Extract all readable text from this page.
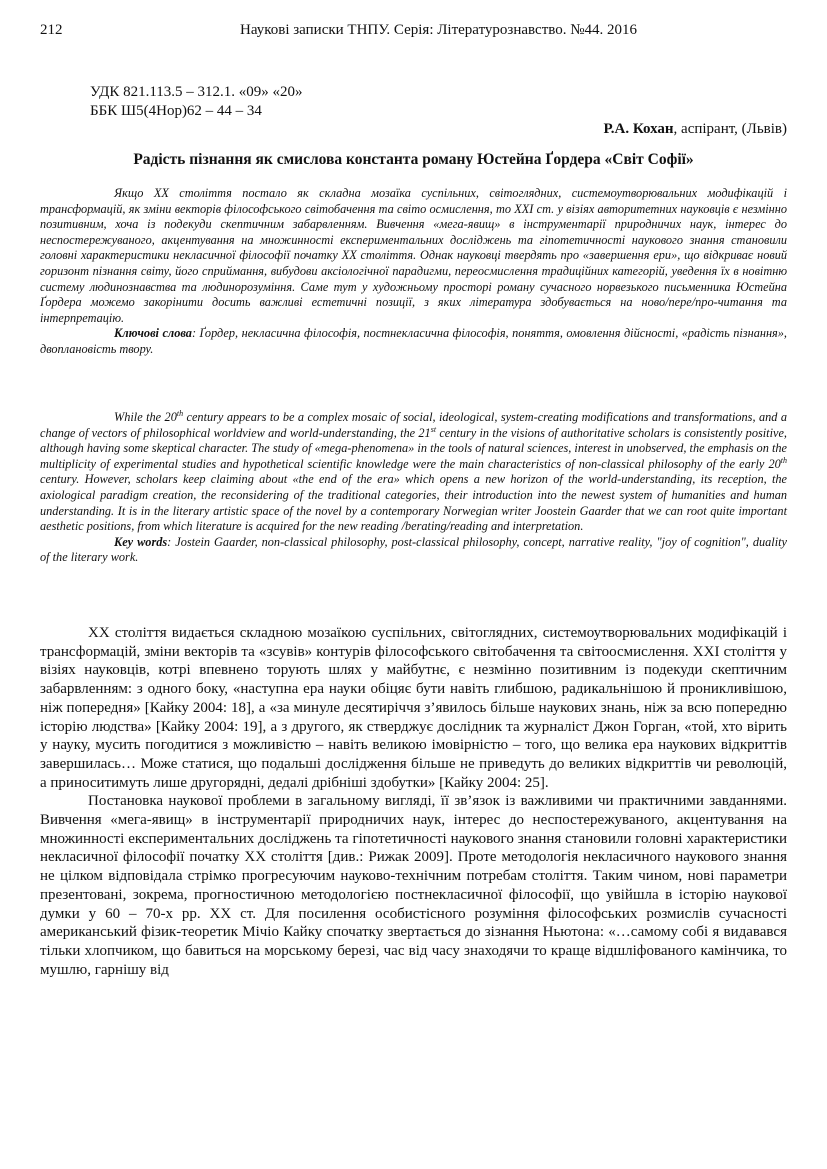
212	Наукові записки ТНПУ. Серія: Літературознавство. №44. 2016
УДК 821.113.5 – 312.1. «09» «20»
ББК Ш5(4Нор)62 – 44 – 34
Р.А. Кохан, аспірант, (Львів)
Радість пізнання як смислова константа роману Юстейна Ґордера «Світ Софії»

Якщо ХХ століття постало як складна мозаїка суспільних, світоглядних, системоутворювальних модифікацій і трансформацій, як зміни векторів філософського світобачення та світо осмислення, то ХХІ ст. у візіях авторитетних науковців є незмінно позитивним, хоча із подекуди скептичним забарвленням. Вивчення «мега-явищ» в інструментарії природничих наук, інтерес до неспостережуваного, акцентування на множинності експериментальних досліджень та гіпотетичності наукового знання становили головні характеристики некласичної філософії початку ХХ століття. Однак науковці твердять про «завершення ери», що відкриває новий горизонт пізнання світу, його сприймання, вибудови аксіологічної парадигми, переосмислення традиційних категорій, уведення їх в новітню систему людинознавства та людинорозуміння. Саме тут у художньому просторі роману сучасного норвезького письменника Юстейна Ґордера можемо закорінити досить важливі естетичні позиції, з яких література здобувається на ново/пере/про-читання та інтерпретацію.

Ключові слова: Ґордер, некласична філософія, постнекласична філософія, поняття, омовлення дійсності, «радість пізнання», двоплановість твору.

While the 20th century appears to be a complex mosaic of social, ideological, system-creating modifications and transformations, and a change of vectors of philosophical worldview and world-understanding, the 21st century in the visions of authoritative scholars is consistently positive, although having some skeptical character. The study of «mega-phenomena» in the tools of natural sciences, interest in unobserved, the emphasis on the multiplicity of experimental studies and hypothetical scientific knowledge were the main characteristics of non-classical philosophy of the early 20th century. However, scholars keep claiming about «the end of the era» which opens a new horizon of the world-understanding, its reception, the axiological paradigm creation, the reconsidering of the traditional categories, their introduction into the newest system of humanities and human understanding. It is in the literary artistic space of the novel by a contemporary Norwegian writer Joostein Gaarder that we can root quite important aesthetic positions, from which literature is acquired for the new reading /berating/reading and interpretation.

Key words: Jostein Gaarder, non-classical philosophy, post-classical philosophy, concept, narrative reality, "joy of cognition", duality of the literary work.

ХХ століття видається складною мозаїкою суспільних, світоглядних, системоутворювальних модифікацій і трансформацій, зміни векторів та «зсувів» контурів філософського світобачення та світоосмислення. ХХІ століття у візіях науковців, котрі впевнено торують шлях у майбутнє, є незмінно позитивним із подекуди скептичним забарвленням: з одного боку, «наступна ера науки обіцяє бути навіть глибшою, радикальнішою й проникливішою, ніж попередня» [Кайку 2004: 18], а «за минуле десятиріччя з’явилось більше наукових знань, ніж за всю попередню історію людства» [Кайку 2004: 19], а з другого, як стверджує дослідник та журналіст Джон Горган, «той, хто вірить у науку, мусить погодитися з можливістю – навіть великою імовірністю – того, що велика ера наукових відкриттів завершилась… Може статися, що подальші дослідження більше не приведуть до великих відкриттів чи революцій, а приноситимуть лише другорядні, дедалі дрібніші здобутки» [Кайку 2004: 25].

Постановка наукової проблеми в загальному вигляді, її зв’язок із важливими чи практичними завданнями. Вивчення «мега-явищ» в інструментарії природничих наук, інтерес до неспостережуваного, акцентування на множинності експериментальних досліджень та гіпотетичності наукового знання становили головні характеристики некласичної філософії початку ХХ століття [див.: Рижак 2009]. Проте методологія некласичного наукового знання не цілком відповідала стрімко прогресуючим науково-технічним потребам століття. Таким чином, нові параметри презентовані, зокрема, прогностичною методологією постнекласичної філософії, що увійшла в історію наукової думки у 60 – 70-х рр. ХХ ст. Для посилення особистісного розуміння філософських розмислів сучасності американський фізик-теоретик Мічіо Кайку спочатку звертається до зізнання Ньютона: «…самому собі я видавався тільки хлопчиком, що бавиться на морському березі, час від часу знаходячи то краще відшліфованого камінчика, то мушлю, гарнішу від
